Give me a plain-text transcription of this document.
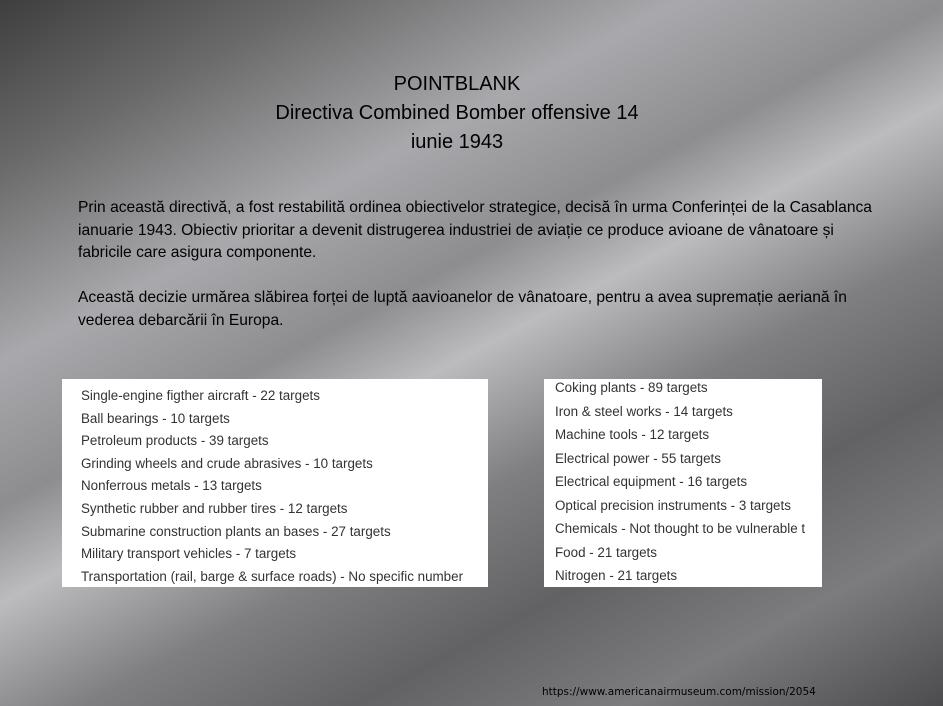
POINTBLANK
Directiva Combined Bomber offensive 14
iunie 1943

Prin această directivă, a fost restabilită ordinea obiectivelor strategice, decisă în urma Conferinței de la Casablanca ianuarie 1943. Obiectiv prioritar a devenit distrugerea industriei de aviație ce produce avioane de vânatoare și fabricile care asigura componente.

Această decizie urmărea slăbirea forței de luptă aavioanelor de vânatoare, pentru a avea supremație aeriană în vederea debarcării în Europa.

Single-engine figther aircraft - 22 targets
Ball bearings - 10 targets
Petroleum products - 39 targets
Grinding wheels and crude abrasives - 10 targets
Nonferrous metals - 13 targets
Synthetic rubber and rubber tires - 12 targets
Submarine construction plants an bases - 27 targets
Military transport vehicles - 7 targets
Transportation (rail, barge & surface roads) - No specific number
Coking plants - 89 targets
Iron & steel works - 14 targets
Machine tools - 12 targets
Electrical power - 55 targets
Electrical equipment - 16 targets
Optical precision instruments - 3 targets
Chemicals - Not thought to be vulnerable t
Food - 21 targets
Nitrogen - 21 targets
https://www.americanairmuseum.com/mission/2054
